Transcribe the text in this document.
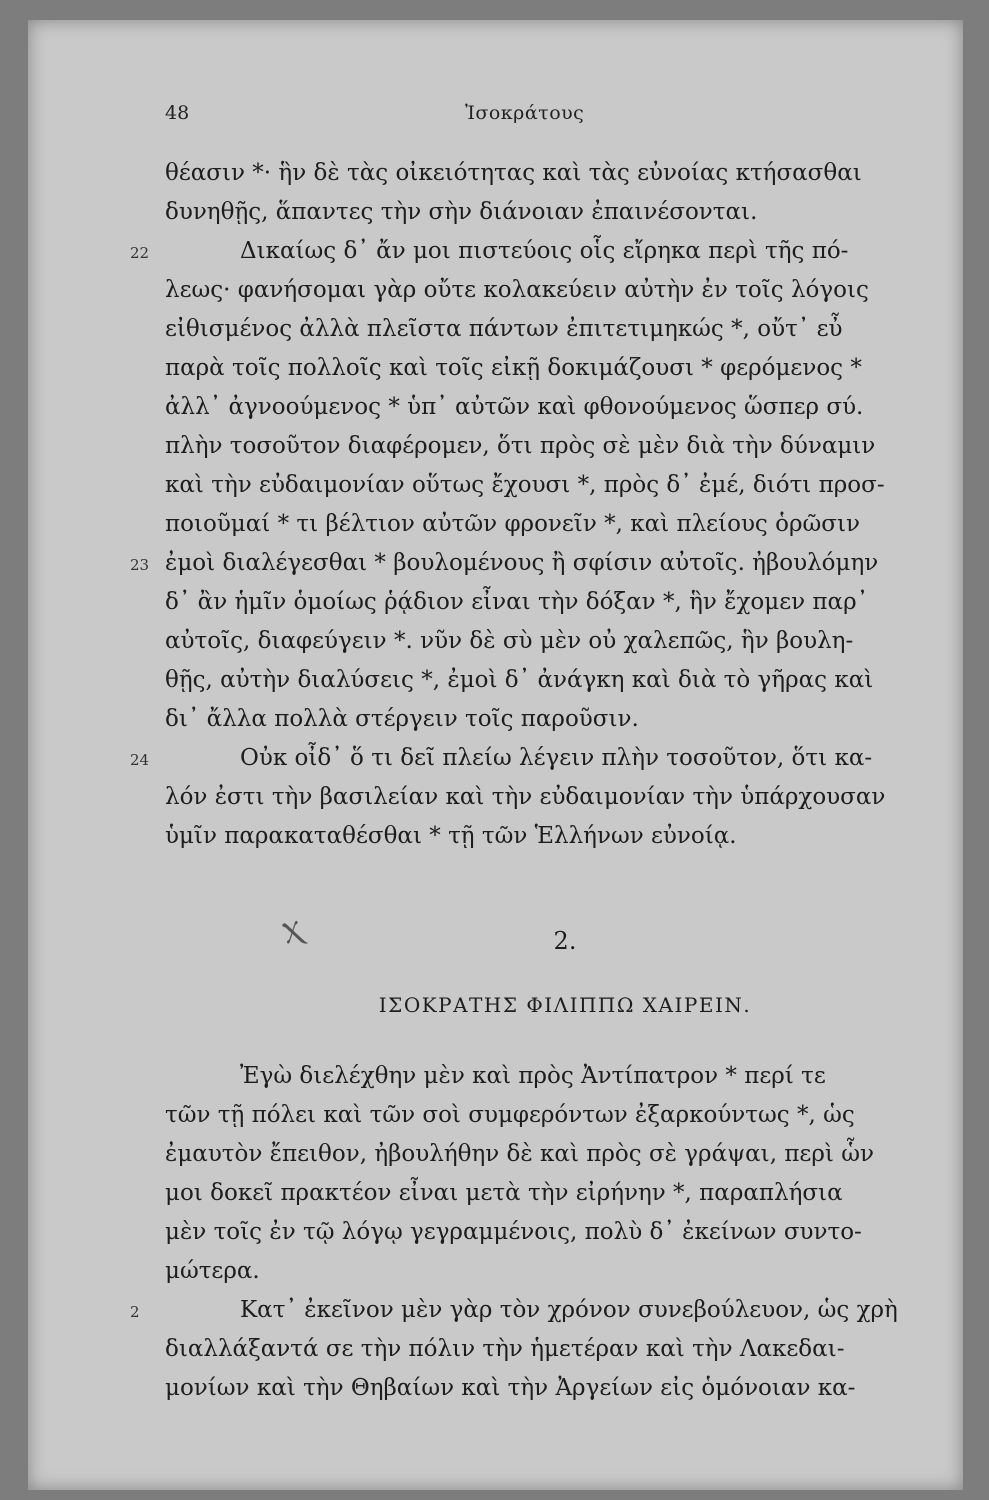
48	Ἰσοκράτους
θέασιν *· ἣν δὲ τὰς οἰκειότητας καὶ τὰς εὐνοίας κτήσασθαι
δυνηθῇς, ἅπαντες τὴν σὴν διάνοιαν ἐπαινέσονται.
22	Δικαίως δ᾽ ἄν μοι πιστεύοις οἷς εἴρηκα περὶ τῆς πό-
λεως· φανήσομαι γὰρ οὔτε κολακεύειν αὐτὴν ἐν τοῖς λόγοις
εἰθισμένος ἀλλὰ πλεῖστα πάντων ἐπιτετιμηκώς *, οὔτ᾽ εὖ
παρὰ τοῖς πολλοῖς καὶ τοῖς εἰκῇ δοκιμάζουσι * φερόμενος *
ἀλλ᾽ ἀγνοούμενος * ὑπ᾽ αὐτῶν καὶ φθονούμενος ὥσπερ σύ.
πλὴν τοσοῦτον διαφέρομεν, ὅτι πρὸς σὲ μὲν διὰ τὴν δύναμιν
καὶ τὴν εὐδαιμονίαν οὕτως ἔχουσι *, πρὸς δ᾽ ἐμέ, διότι προσ-
ποιοῦμαί * τι βέλτιον αὐτῶν φρονεῖν *, καὶ πλείους ὁρῶσιν
23 ἐμοὶ διαλέγεσθαι * βουλομένους ἢ σφίσιν αὐτοῖς. ἠβουλόμην
δ᾽ ἂν ἡμῖν ὁμοίως ῥᾴδιον εἶναι τὴν δόξαν *, ἣν ἔχομεν παρ᾽
αὐτοῖς, διαφεύγειν *. νῦν δὲ σὺ μὲν οὐ χαλεπῶς, ἣν βουλη-
θῇς, αὐτὴν διαλύσεις *, ἐμοὶ δ᾽ ἀνάγκη καὶ διὰ τὸ γῆρας καὶ
δι᾽ ἄλλα πολλὰ στέργειν τοῖς παροῦσιν.
24	Οὐκ οἶδ᾽ ὅ τι δεῖ πλείω λέγειν πλὴν τοσοῦτον, ὅτι κα-
λόν ἐστι τὴν βασιλείαν καὶ τὴν εὐδαιμονίαν τὴν ὑπάρχουσαν
ὑμῖν παρακαταθέσθαι * τῇ τῶν Ἑλλήνων εὐνοίᾳ.
Ἐγὼ διελέχθην μὲν καὶ πρὸς Ἀντίπατρον * περί τε
τῶν τῇ πόλει καὶ τῶν σοὶ συμφερόντων ἐξαρκούντως *, ὡς
ἐμαυτὸν ἔπειθον, ἠβουλήθην δὲ καὶ πρὸς σὲ γράψαι, περὶ ὧν
μοι δοκεῖ πρακτέον εἶναι μετὰ τὴν εἰρήνην *, παραπλήσια
μὲν τοῖς ἐν τῷ λόγῳ γεγραμμένοις, πολὺ δ᾽ ἐκείνων συντο-
μώτερα.
2	Κατ᾽ ἐκεῖνον μὲν γὰρ τὸν χρόνον συνεβούλευον, ὡς χρὴ
διαλλάξαντά σε τὴν πόλιν τὴν ἡμετέραν καὶ τὴν Λακεδαι-
μονίων καὶ τὴν Θηβαίων καὶ τὴν Ἀργείων εἰς ὁμόνοιαν κα-
Ⲭ	2.
ΙΣΟΚΡΑΤΗΣ ΦΙΛΙΠΠΩ ΧΑΙΡΕΙΝ.
